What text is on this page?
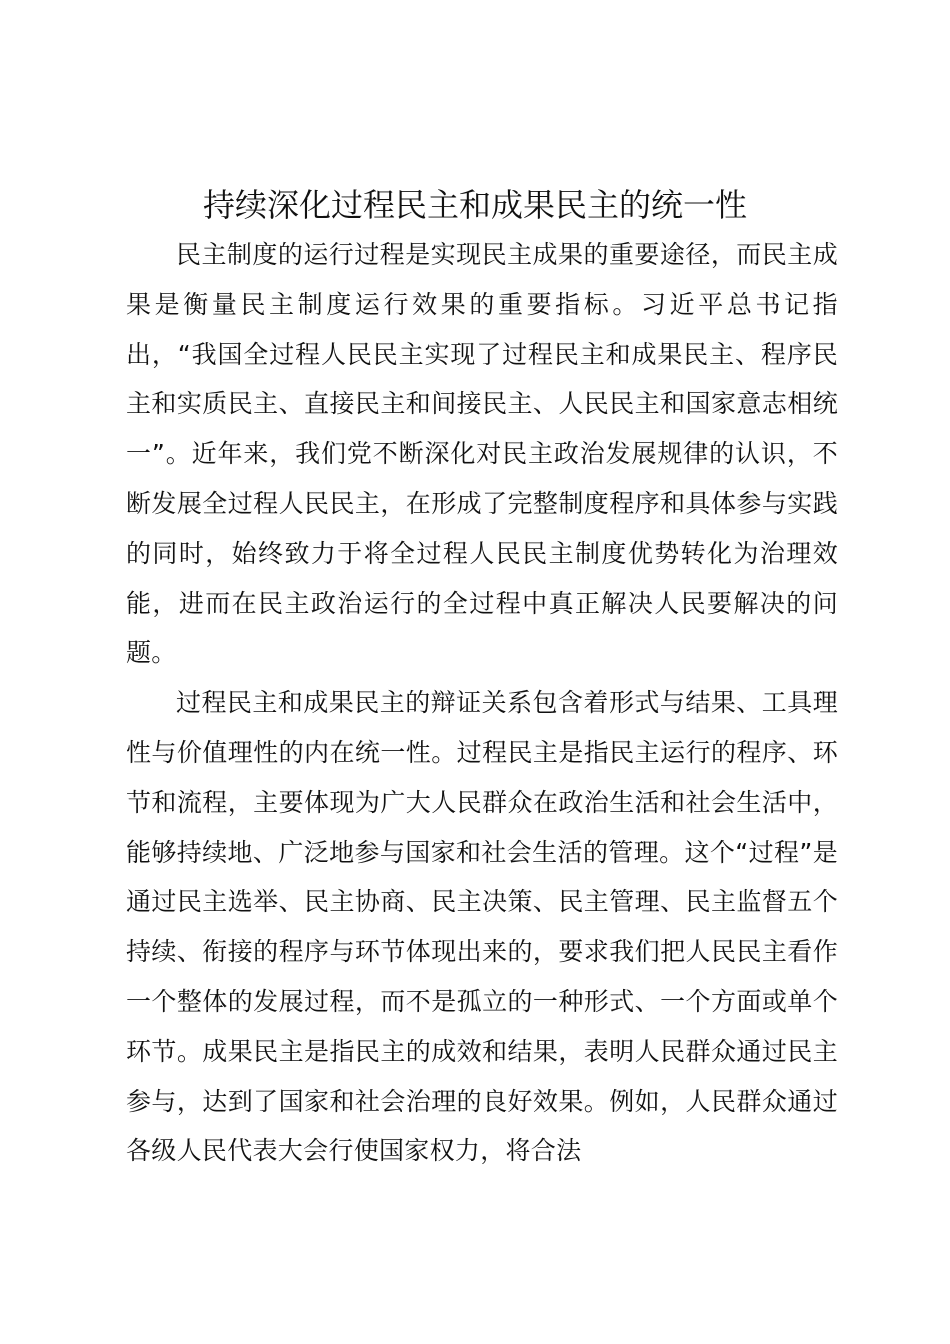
持续深化过程民主和成果民主的统一性

民主制度的运行过程是实现民主成果的重要途径，而民主成果是衡量民主制度运行效果的重要指标。习近平总书记指出，“我国全过程人民民主实现了过程民主和成果民主、程序民主和实质民主、直接民主和间接民主、人民民主和国家意志相统一”。近年来，我们党不断深化对民主政治发展规律的认识，不断发展全过程人民民主，在形成了完整制度程序和具体参与实践的同时，始终致力于将全过程人民民主制度优势转化为治理效能，进而在民主政治运行的全过程中真正解决人民要解决的问题。

过程民主和成果民主的辩证关系包含着形式与结果、工具理性与价值理性的内在统一性。过程民主是指民主运行的程序、环节和流程，主要体现为广大人民群众在政治生活和社会生活中，能够持续地、广泛地参与国家和社会生活的管理。这个“过程”是通过民主选举、民主协商、民主决策、民主管理、民主监督五个持续、衔接的程序与环节体现出来的，要求我们把人民民主看作一个整体的发展过程，而不是孤立的一种形式、一个方面或单个环节。成果民主是指民主的成效和结果，表明人民群众通过民主参与，达到了国家和社会治理的良好效果。例如，人民群众通过各级人民代表大会行使国家权力，将合法
